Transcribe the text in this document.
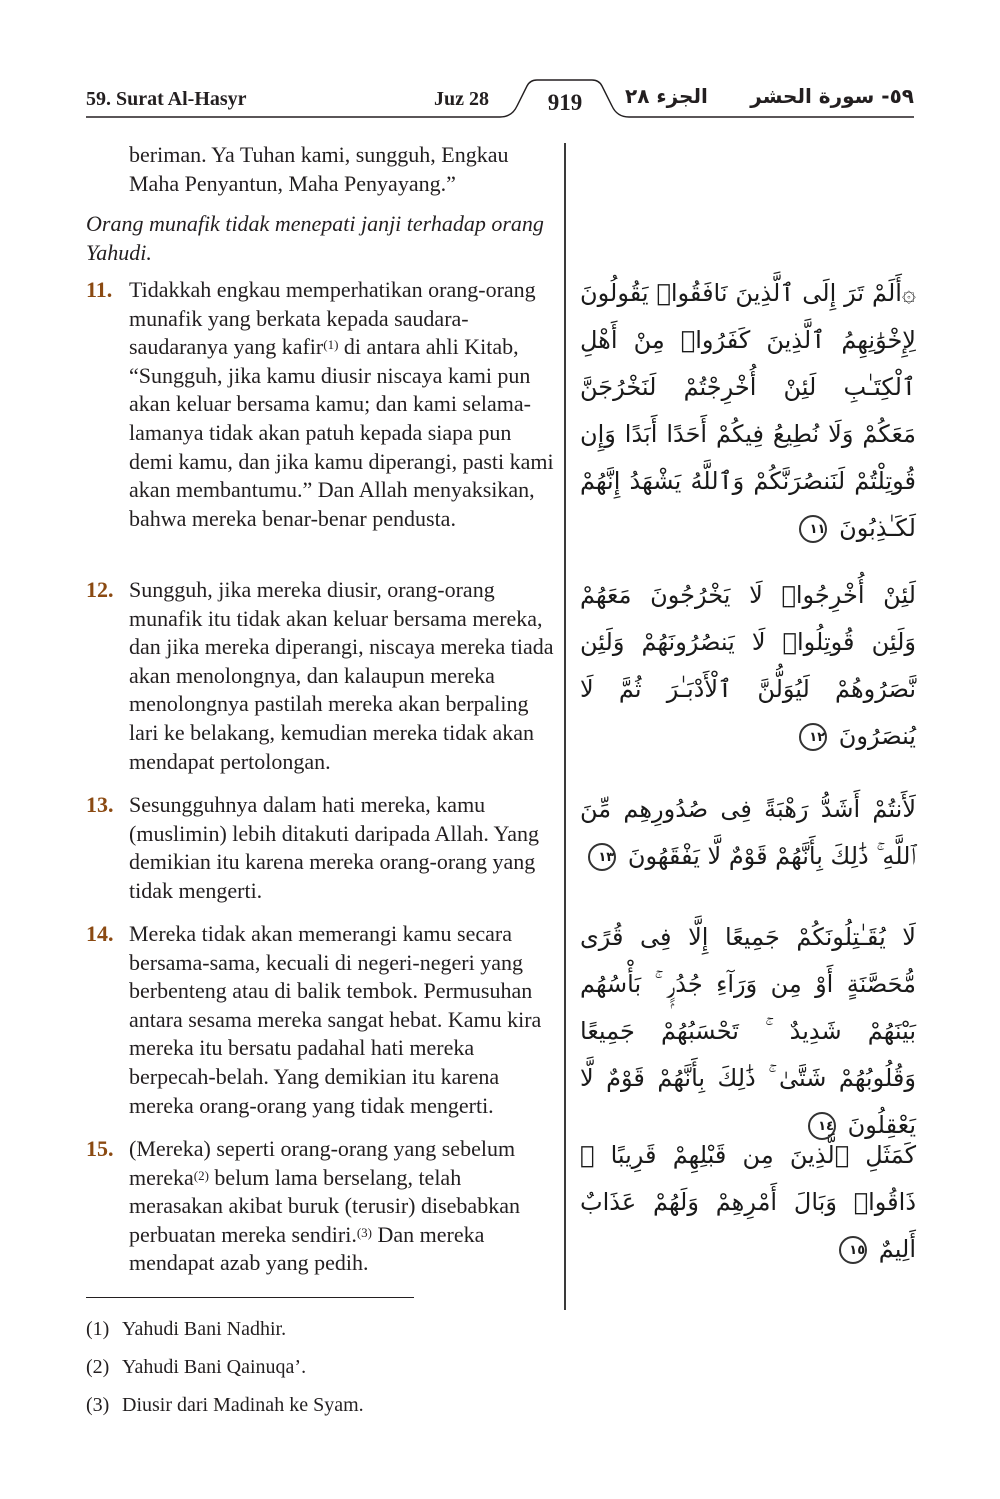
59. Surat Al-Hasyr	Juz 28	919	الجزء ٢٨ ٥٩- سورة الحشر
beriman. Ya Tuhan kami, sungguh, Engkau Maha Penyantun, Maha Penyayang.”
Orang munafik tidak menepati janji terhadap orang Yahudi.
11. Tidakkah engkau memperhatikan orang-orang munafik yang berkata kepada saudara-saudaranya yang kafir$^{(1)}$ di antara ahli Kitab, “Sungguh, jika kamu diusir niscaya kami pun akan keluar bersama kamu; dan kami selama-lamanya tidak akan patuh kepada siapa pun demi kamu, dan jika kamu diperangi, pasti kami akan membantumu.” Dan Allah menyaksikan, bahwa mereka benar-benar pendusta.
۞أَلَمْ تَرَ إِلَى ٱلَّذِينَ نَافَقُوا۟ يَقُولُونَ لِإِخْوَٰنِهِمُ ٱلَّذِينَ كَفَرُوا۟ مِنْ أَهْلِ ٱلْكِتَـٰبِ لَئِنْ أُخْرِجْتُمْ لَنَخْرُجَنَّ مَعَكُمْ وَلَا نُطِيعُ فِيكُمْ أَحَدًا أَبَدًا وَإِن قُوتِلْتُمْ لَنَنصُرَنَّكُمْ وَٱللَّهُ يَشْهَدُ إِنَّهُمْ لَكَـٰذِبُونَ ١١
12. Sungguh, jika mereka diusir, orang-orang munafik itu tidak akan keluar bersama mereka, dan jika mereka diperangi, niscaya mereka tiada akan menolongnya, dan kalaupun mereka menolongnya pastilah mereka akan berpaling lari ke belakang, kemudian mereka tidak akan mendapat pertolongan.
لَئِنْ أُخْرِجُوا۟ لَا يَخْرُجُونَ مَعَهُمْ وَلَئِن قُوتِلُوا۟ لَا يَنصُرُونَهُمْ وَلَئِن نَّصَرُوهُمْ لَيُوَلُّنَّ ٱلْأَدْبَـٰرَ ثُمَّ لَا يُنصَرُونَ ١٢
13. Sesungguhnya dalam hati mereka, kamu (muslimin) lebih ditakuti daripada Allah. Yang demikian itu karena mereka orang-orang yang tidak mengerti.
لَأَنتُمْ أَشَدُّ رَهْبَةً فِى صُدُورِهِم مِّنَ ٱللَّهِ ۚ ذَٰلِكَ بِأَنَّهُمْ قَوْمٌ لَّا يَفْقَهُونَ ١٣
14. Mereka tidak akan memerangi kamu secara bersama-sama, kecuali di negeri-negeri yang berbenteng atau di balik tembok. Permusuhan antara sesama mereka sangat hebat. Kamu kira mereka itu bersatu padahal hati mereka berpecah-belah. Yang demikian itu karena mereka orang-orang yang tidak mengerti.
لَا يُقَـٰتِلُونَكُمْ جَمِيعًا إِلَّا فِى قُرًى مُّحَصَّنَةٍ أَوْ مِن وَرَآءِ جُدُرٍۭ ۚ بَأْسُهُم بَيْنَهُمْ شَدِيدٌ ۚ تَحْسَبُهُمْ جَمِيعًا وَقُلُوبُهُمْ شَتَّىٰ ۚ ذَٰلِكَ بِأَنَّهُمْ قَوْمٌ لَّا يَعْقِلُونَ ١٤
15. (Mereka) seperti orang-orang yang sebelum mereka$^{(2)}$ belum lama berselang, telah merasakan akibat buruk (terusir) disebabkan perbuatan mereka sendiri.$^{(3)}$ Dan mereka mendapat azab yang pedih.
كَمَثَلِ ٱلَّذِينَ مِن قَبْلِهِمْ قَرِيبًا ۖ ذَاقُوا۟ وَبَالَ أَمْرِهِمْ وَلَهُمْ عَذَابٌ أَلِيمٌ ١٥
(1) Yahudi Bani Nadhir.
(2) Yahudi Bani Qainuqa’.
(3) Diusir dari Madinah ke Syam.
